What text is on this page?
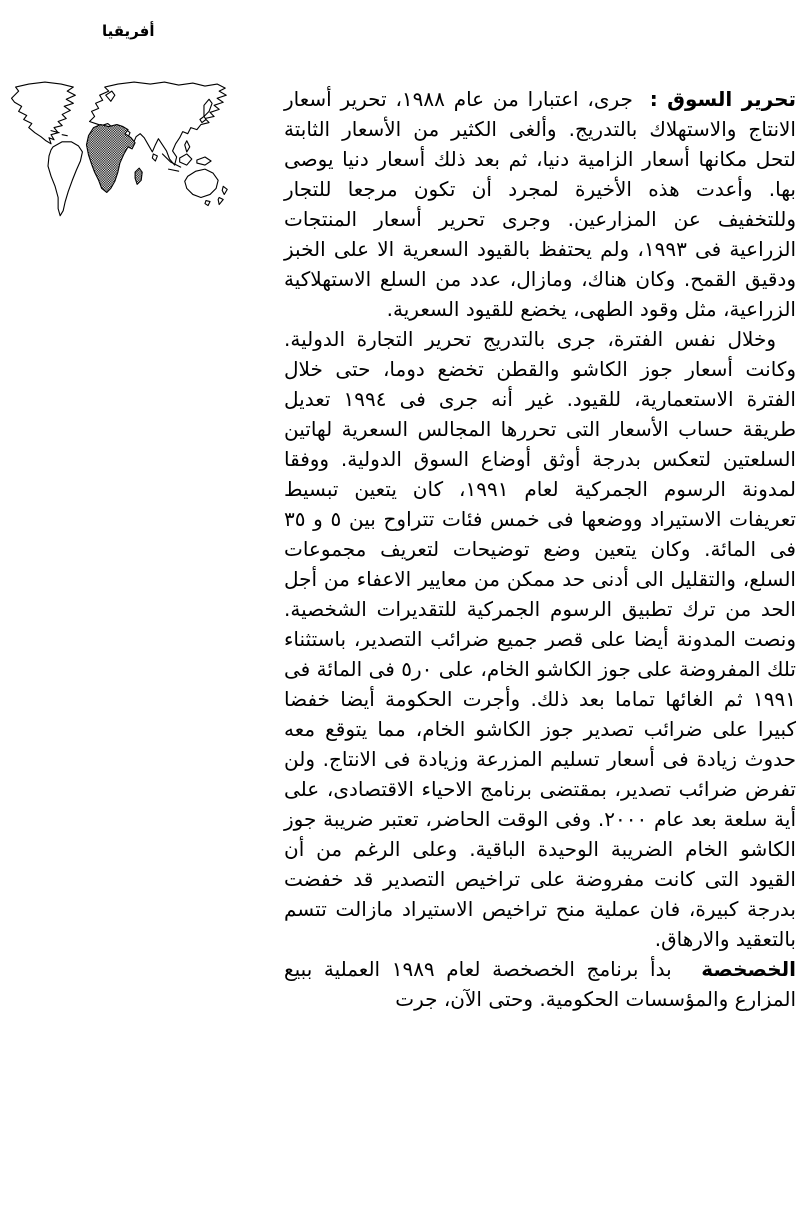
أفريقيا

تحرير السوق : جرى، اعتبارا من عام ١٩٨٨، تحرير أسعار الانتاج والاستهلاك بالتدريج. وألغى الكثير من الأسعار الثابتة لتحل مكانها أسعار الزامية دنيا، ثم بعد ذلك أسعار دنيا يوصى بها. وأعدت هذه الأخيرة لمجرد أن تكون مرجعا للتجار وللتخفيف عن المزارعين. وجرى تحرير أسعار المنتجات الزراعية فى ١٩٩٣، ولم يحتفظ بالقيود السعرية الا على الخبز ودقيق القمح. وكان هناك، ومازال، عدد من السلع الاستهلاكية الزراعية، مثل وقود الطهى، يخضع للقيود السعرية.

وخلال نفس الفترة، جرى بالتدريج تحرير التجارة الدولية. وكانت أسعار جوز الكاشو والقطن تخضع دوما، حتى خلال الفترة الاستعمارية، للقيود. غير أنه جرى فى ١٩٩٤ تعديل طريقة حساب الأسعار التى تحررها المجالس السعرية لهاتين السلعتين لتعكس بدرجة أوثق أوضاع السوق الدولية. ووفقا لمدونة الرسوم الجمركية لعام ١٩٩١، كان يتعين تبسيط تعريفات الاستيراد ووضعها فى خمس فئات تتراوح بين ٥ و ٣٥ فى المائة. وكان يتعين وضع توضيحات لتعريف مجموعات السلع، والتقليل الى أدنى حد ممكن من معايير الاعفاء من أجل الحد من ترك تطبيق الرسوم الجمركية للتقديرات الشخصية. ونصت المدونة أيضا على قصر جميع ضرائب التصدير، باستثناء تلك المفروضة على جوز الكاشو الخام، على ٠ر٥ فى المائة فى ١٩٩١ ثم الغائها تماما بعد ذلك. وأجرت الحكومة أيضا خفضا كبيرا على ضرائب تصدير جوز الكاشو الخام، مما يتوقع معه حدوث زيادة فى أسعار تسليم المزرعة وزيادة فى الانتاج. ولن تفرض ضرائب تصدير، بمقتضى برنامج الاحياء الاقتصادى، على أية سلعة بعد عام ٢٠٠٠. وفى الوقت الحاضر، تعتبر ضريبة جوز الكاشو الخام الضريبة الوحيدة الباقية. وعلى الرغم من أن القيود التى كانت مفروضة على تراخيص التصدير قد خفضت بدرجة كبيرة، فان عملية منح تراخيص الاستيراد مازالت تتسم بالتعقيد والارهاق.

الخصخصة بدأ برنامج الخصخصة لعام ١٩٨٩ العملية ببيع المزارع والمؤسسات الحكومية. وحتى الآن، جرت
